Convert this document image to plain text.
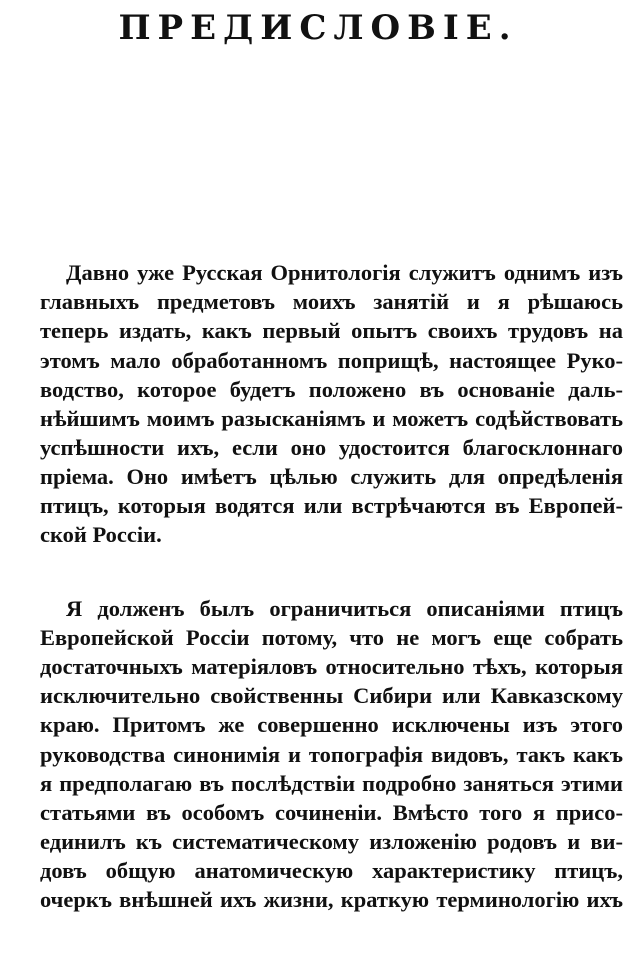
ПРЕДИСЛОВІЕ.
Давно уже Русская Орнитологія служитъ однимъ изъ
главныхъ предметовъ моихъ занятій и я рѣшаюсь
теперь издать, какъ первый опытъ своихъ трудовъ на
этомъ мало обработанномъ поприщѣ, настоящее Руко-
водство, которое будетъ положено въ основаніе даль-
нѣйшимъ моимъ разысканіямъ и можетъ содѣйствовать
успѣшности ихъ, если оно удостоится благосклоннаго
пріема. Оно имѣетъ цѣлью служить для опредѣленія
птицъ, которыя водятся или встрѣчаются въ Европей-
ской Россіи.
Я долженъ былъ ограничиться описаніями птицъ
Европейской Россіи потому, что не могъ еще собрать
достаточныхъ матеріяловъ относительно тѣхъ, которыя
исключительно свойственны Сибири или Кавказскому
краю. Притомъ же совершенно исключены изъ этого
руководства синонимія и топографія видовъ, такъ какъ
я предполагаю въ послѣдствіи подробно заняться этими
статьями въ особомъ сочиненіи. Вмѣсто того я присо-
единилъ къ систематическому изложенію родовъ и ви-
довъ общую анатомическую характеристику птицъ,
очеркъ внѣшней ихъ жизни, краткую терминологію ихъ
